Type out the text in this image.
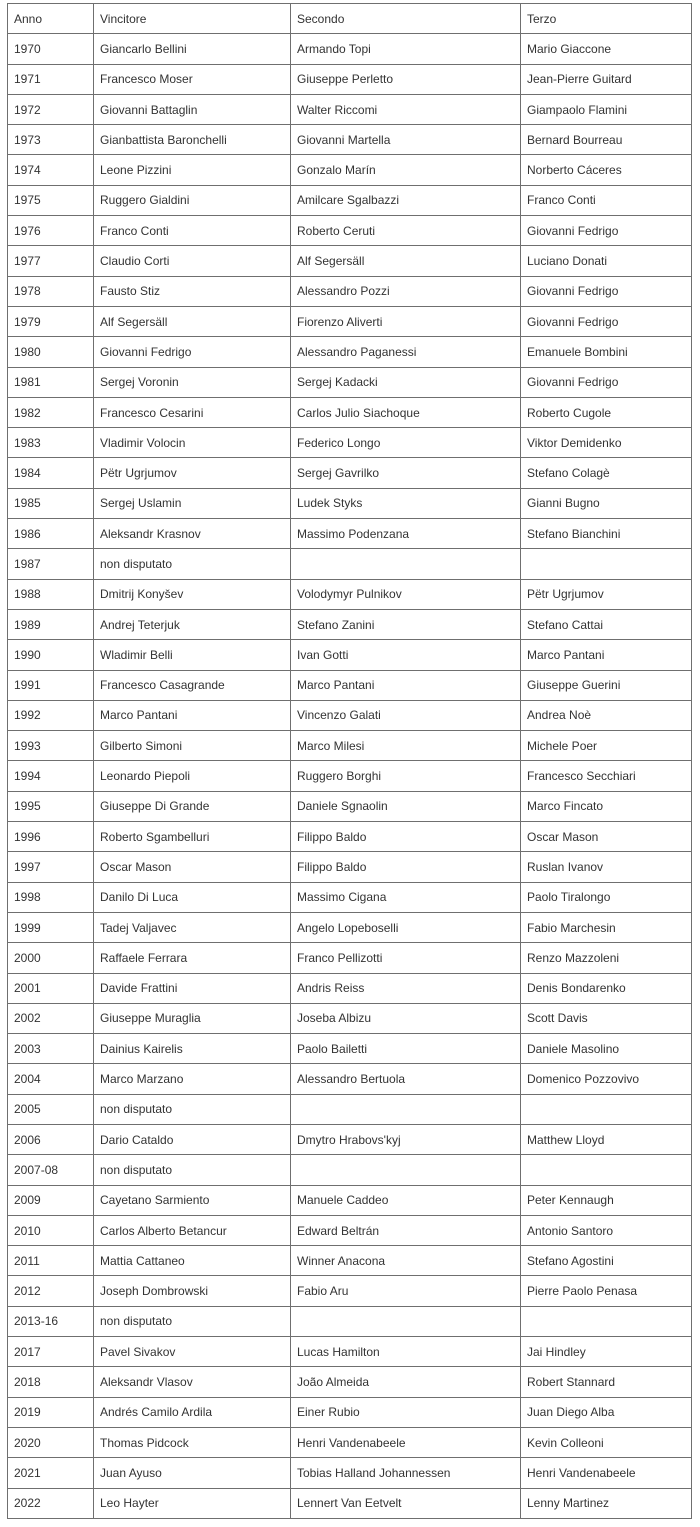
Anno	Vincitore	Secondo	Terzo
1970	Giancarlo Bellini	Armando Topi	Mario Giaccone
1971	Francesco Moser	Giuseppe Perletto	Jean-Pierre Guitard
1972	Giovanni Battaglin	Walter Riccomi	Giampaolo Flamini
1973	Gianbattista Baronchelli	Giovanni Martella	Bernard Bourreau
1974	Leone Pizzini	Gonzalo Marín	Norberto Cáceres
1975	Ruggero Gialdini	Amilcare Sgalbazzi	Franco Conti
1976	Franco Conti	Roberto Ceruti	Giovanni Fedrigo
1977	Claudio Corti	Alf Segersäll	Luciano Donati
1978	Fausto Stiz	Alessandro Pozzi	Giovanni Fedrigo
1979	Alf Segersäll	Fiorenzo Aliverti	Giovanni Fedrigo
1980	Giovanni Fedrigo	Alessandro Paganessi	Emanuele Bombini
1981	Sergej Voronin	Sergej Kadacki	Giovanni Fedrigo
1982	Francesco Cesarini	Carlos Julio Siachoque	Roberto Cugole
1983	Vladimir Volocin	Federico Longo	Viktor Demidenko
1984	Pëtr Ugrjumov	Sergej Gavrilko	Stefano Colagè
1985	Sergej Uslamin	Ludek Styks	Gianni Bugno
1986	Aleksandr Krasnov	Massimo Podenzana	Stefano Bianchini
1987	non disputato		
1988	Dmitrij Konyšev	Volodymyr Pulnikov	Pëtr Ugrjumov
1989	Andrej Teterjuk	Stefano Zanini	Stefano Cattai
1990	Wladimir Belli	Ivan Gotti	Marco Pantani
1991	Francesco Casagrande	Marco Pantani	Giuseppe Guerini
1992	Marco Pantani	Vincenzo Galati	Andrea Noè
1993	Gilberto Simoni	Marco Milesi	Michele Poer
1994	Leonardo Piepoli	Ruggero Borghi	Francesco Secchiari
1995	Giuseppe Di Grande	Daniele Sgnaolin	Marco Fincato
1996	Roberto Sgambelluri	Filippo Baldo	Oscar Mason
1997	Oscar Mason	Filippo Baldo	Ruslan Ivanov
1998	Danilo Di Luca	Massimo Cigana	Paolo Tiralongo
1999	Tadej Valjavec	Angelo Lopeboselli	Fabio Marchesin
2000	Raffaele Ferrara	Franco Pellizotti	Renzo Mazzoleni
2001	Davide Frattini	Andris Reiss	Denis Bondarenko
2002	Giuseppe Muraglia	Joseba Albizu	Scott Davis
2003	Dainius Kairelis	Paolo Bailetti	Daniele Masolino
2004	Marco Marzano	Alessandro Bertuola	Domenico Pozzovivo
2005	non disputato		
2006	Dario Cataldo	Dmytro Hrabovs'kyj	Matthew Lloyd
2007-08	non disputato		
2009	Cayetano Sarmiento	Manuele Caddeo	Peter Kennaugh
2010	Carlos Alberto Betancur	Edward Beltrán	Antonio Santoro
2011	Mattia Cattaneo	Winner Anacona	Stefano Agostini
2012	Joseph Dombrowski	Fabio Aru	Pierre Paolo Penasa
2013-16	non disputato		
2017	Pavel Sivakov	Lucas Hamilton	Jai Hindley
2018	Aleksandr Vlasov	João Almeida	Robert Stannard
2019	Andrés Camilo Ardila	Einer Rubio	Juan Diego Alba
2020	Thomas Pidcock	Henri Vandenabeele	Kevin Colleoni
2021	Juan Ayuso	Tobias Halland Johannessen	Henri Vandenabeele
2022	Leo Hayter	Lennert Van Eetvelt	Lenny Martinez
